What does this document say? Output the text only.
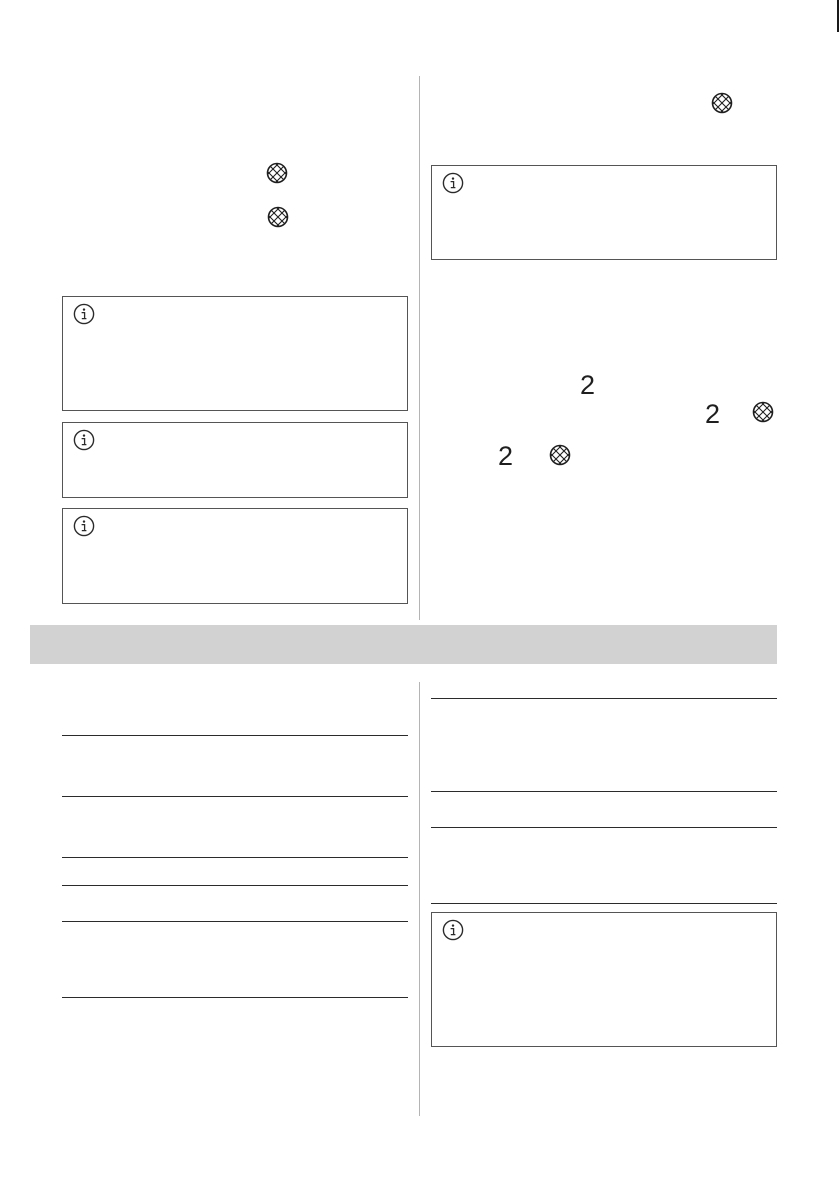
2
2
2
